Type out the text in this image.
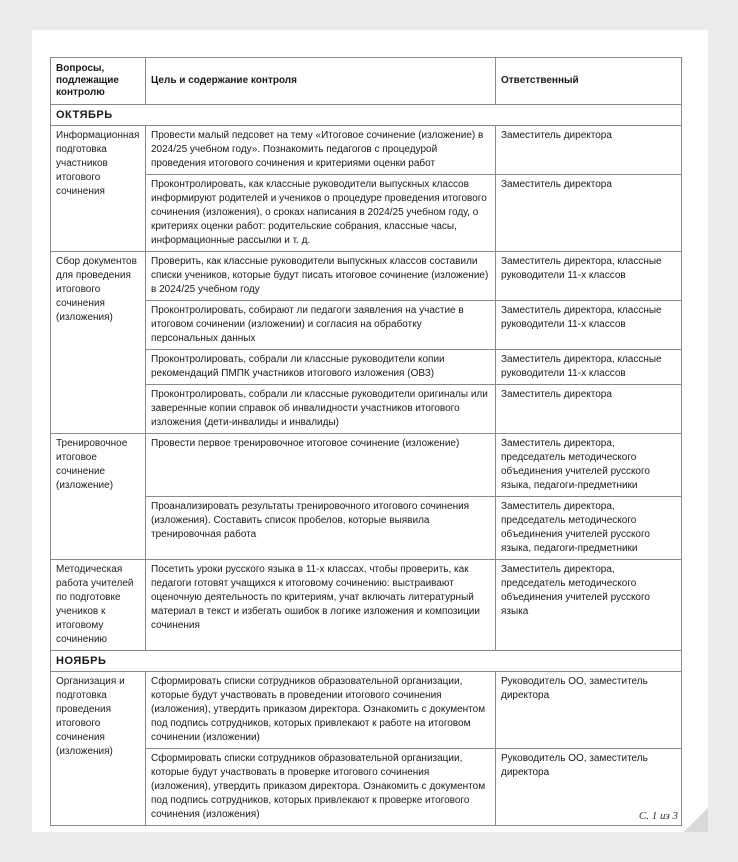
Вопросы, подлежащие контролю	Цель и содержание контроля	Ответственный
ОКТЯБРЬ		
Информационная подготовка участников итогового сочинения	Провести малый педсовет на тему «Итоговое сочинение (изложение) в 2024/25 учебном году». Познакомить педагогов с процедурой проведения итогового сочинения и критериями оценки работ	Заместитель директора
	Проконтролировать, как классные руководители выпускных классов информируют родителей и учеников о процедуре проведения итогового сочинения (изложения), о сроках написания в 2024/25 учебном году, о критериях оценки работ: родительские собрания, классные часы, информационные рассылки и т. д.	Заместитель директора
Сбор документов для проведения итогового сочинения (изложения)	Проверить, как классные руководители выпускных классов составили списки учеников, которые будут писать итоговое сочинение (изложение) в 2024/25 учебном году	Заместитель директора, классные руководители 11-х классов
	Проконтролировать, собирают ли педагоги заявления на участие в итоговом сочинении (изложении) и согласия на обработку персональных данных	Заместитель директора, классные руководители 11-х классов
	Проконтролировать, собрали ли классные руководители копии рекомендаций ПМПК участников итогового изложения (ОВЗ)	Заместитель директора, классные руководители 11-х классов
	Проконтролировать, собрали ли классные руководители оригиналы или заверенные копии справок об инвалидности участников итогового изложения (дети-инвалиды и инвалиды)	Заместитель директора
Тренировочное итоговое сочинение (изложение)	Провести первое тренировочное итоговое сочинение (изложение)	Заместитель директора, председатель методического объединения учителей русского языка, педагоги-предметники
	Проанализировать результаты тренировочного итогового сочинения (изложения). Составить список пробелов, которые выявила тренировочная работа	Заместитель директора, председатель методического объединения учителей русского языка, педагоги-предметники
Методическая работа учителей по подготовке учеников к итоговому сочинению	Посетить уроки русского языка в 11-х классах, чтобы проверить, как педагоги готовят учащихся к итоговому сочинению: выстраивают оценочную деятельность по критериям, учат включать литературный материал в текст и избегать ошибок в логике изложения и композиции сочинения	Заместитель директора, председатель методического объединения учителей русского языка
НОЯБРЬ		
Организация и подготовка проведения итогового сочинения (изложения)	Сформировать списки сотрудников образовательной организации, которые будут участвовать в проведении итогового сочинения (изложения), утвердить приказом директора. Ознакомить с документом под подпись сотрудников, которых привлекают к работе на итоговом сочинении (изложении)	Руководитель ОО, заместитель директора
	Сформировать списки сотрудников образовательной организации, которые будут участвовать в проверке итогового сочинения (изложения), утвердить приказом директора. Ознакомить с документом под подпись сотрудников, которых привлекают к проверке итогового сочинения (изложения)	Руководитель ОО, заместитель директора
С. 1 из 3
